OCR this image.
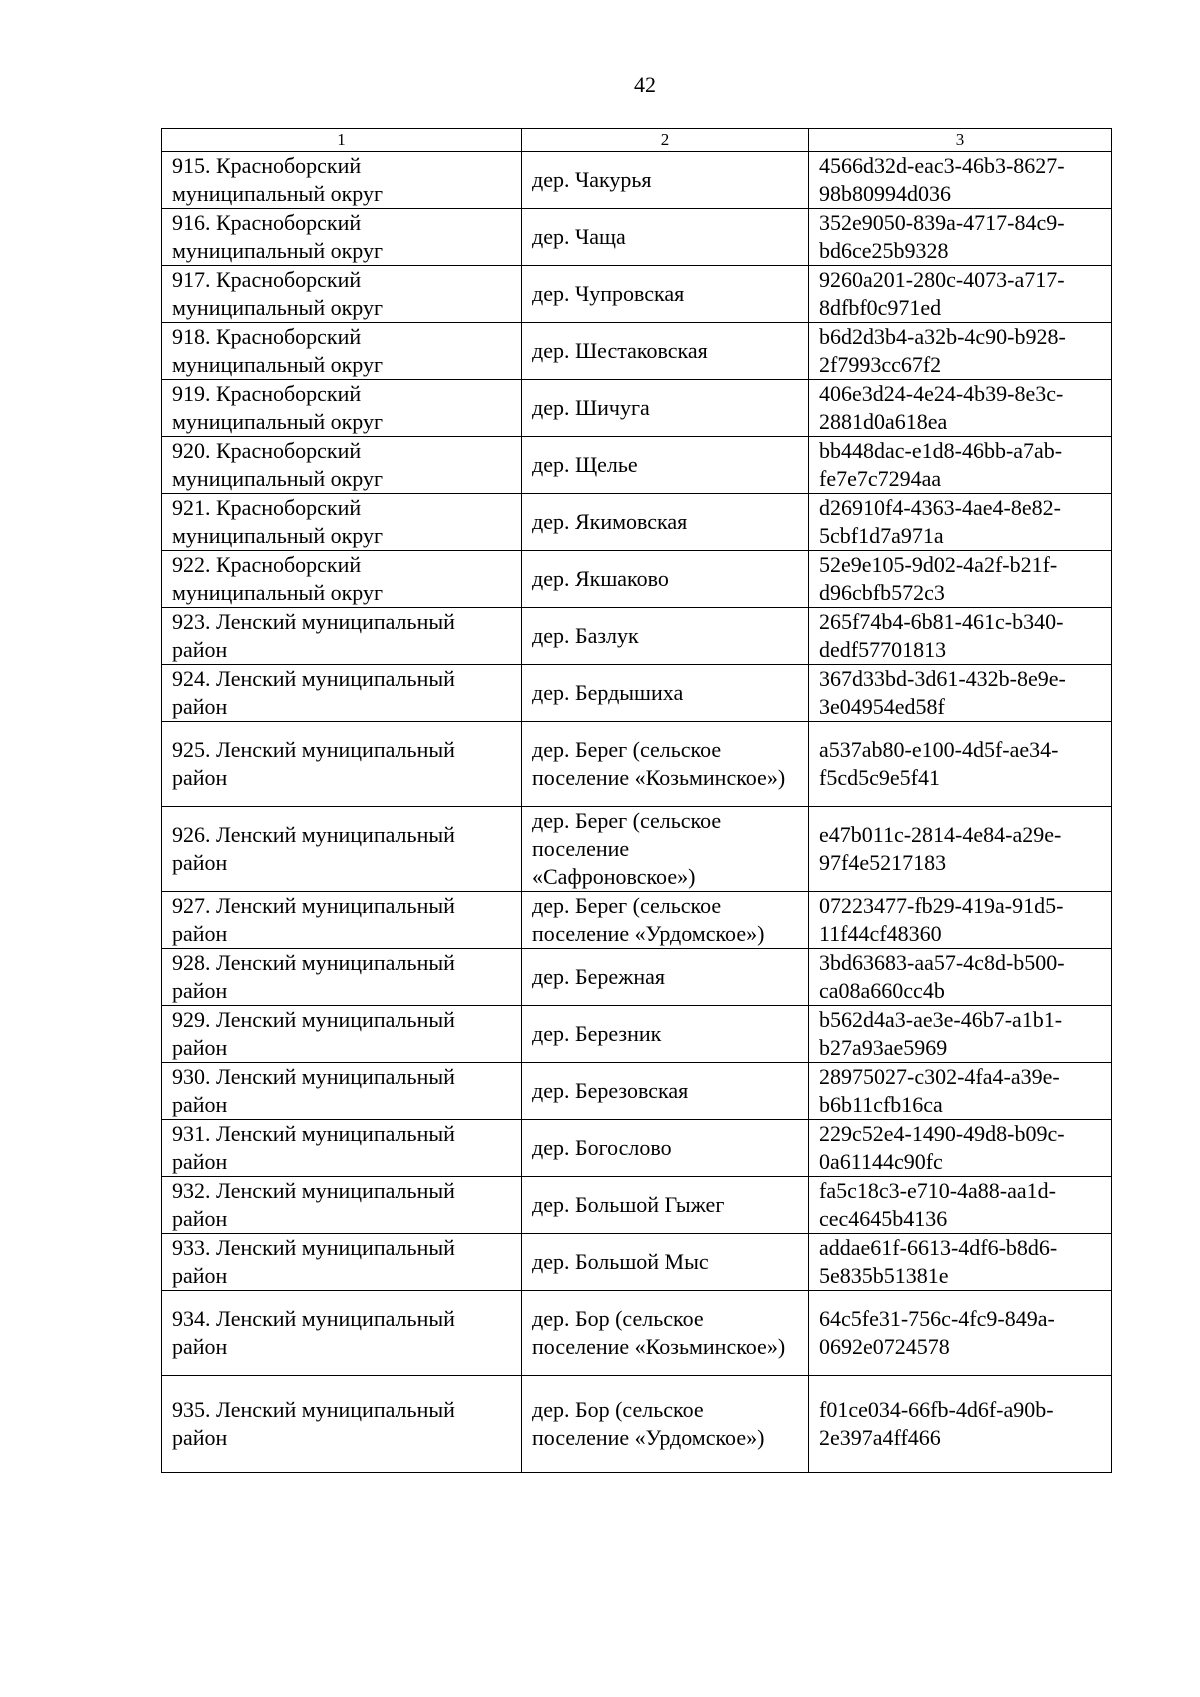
42
1	2	3
915. Красноборский муниципальный округ	дер. Чакурья	4566d32d-eac3-46b3-8627-98b80994d036
916. Красноборский муниципальный округ	дер. Чаща	352e9050-839a-4717-84c9-bd6ce25b9328
917. Красноборский муниципальный округ	дер. Чупровская	9260a201-280c-4073-a717-8dfbf0c971ed
918. Красноборский муниципальный округ	дер. Шестаковская	b6d2d3b4-a32b-4c90-b928-2f7993cc67f2
919. Красноборский муниципальный округ	дер. Шичуга	406e3d24-4e24-4b39-8e3c-2881d0a618ea
920. Красноборский муниципальный округ	дер. Щелье	bb448dac-e1d8-46bb-a7ab-fe7e7c7294aa
921. Красноборский муниципальный округ	дер. Якимовская	d26910f4-4363-4ae4-8e82-5cbf1d7a971a
922. Красноборский муниципальный округ	дер. Якшаково	52e9e105-9d02-4a2f-b21f-d96cbfb572c3
923. Ленский муниципальный район	дер. Базлук	265f74b4-6b81-461c-b340-dedf57701813
924. Ленский муниципальный район	дер. Бердышиха	367d33bd-3d61-432b-8e9e-3e04954ed58f
925. Ленский муниципальный район	дер. Берег (сельское поселение «Козьминское»)	a537ab80-e100-4d5f-ae34-f5cd5c9e5f41
926. Ленский муниципальный район	дер. Берег (сельское поселение «Сафроновское»)	e47b011c-2814-4e84-a29e-97f4e5217183
927. Ленский муниципальный район	дер. Берег (сельское поселение «Урдомское»)	07223477-fb29-419a-91d5-11f44cf48360
928. Ленский муниципальный район	дер. Бережная	3bd63683-aa57-4c8d-b500-ca08a660cc4b
929. Ленский муниципальный район	дер. Березник	b562d4a3-ae3e-46b7-a1b1-b27a93ae5969
930. Ленский муниципальный район	дер. Березовская	28975027-c302-4fa4-a39e-b6b11cfb16ca
931. Ленский муниципальный район	дер. Богослово	229c52e4-1490-49d8-b09c-0a61144c90fc
932. Ленский муниципальный район	дер. Большой Гыжег	fa5c18c3-e710-4a88-aa1d-cec4645b4136
933. Ленский муниципальный район	дер. Большой Мыс	addae61f-6613-4df6-b8d6-5e835b51381e
934. Ленский муниципальный район	дер. Бор (сельское поселение «Козьминское»)	64c5fe31-756c-4fc9-849a-0692e0724578
935. Ленский муниципальный район	дер. Бор (сельское поселение «Урдомское»)	f01ce034-66fb-4d6f-a90b-2e397a4ff466
